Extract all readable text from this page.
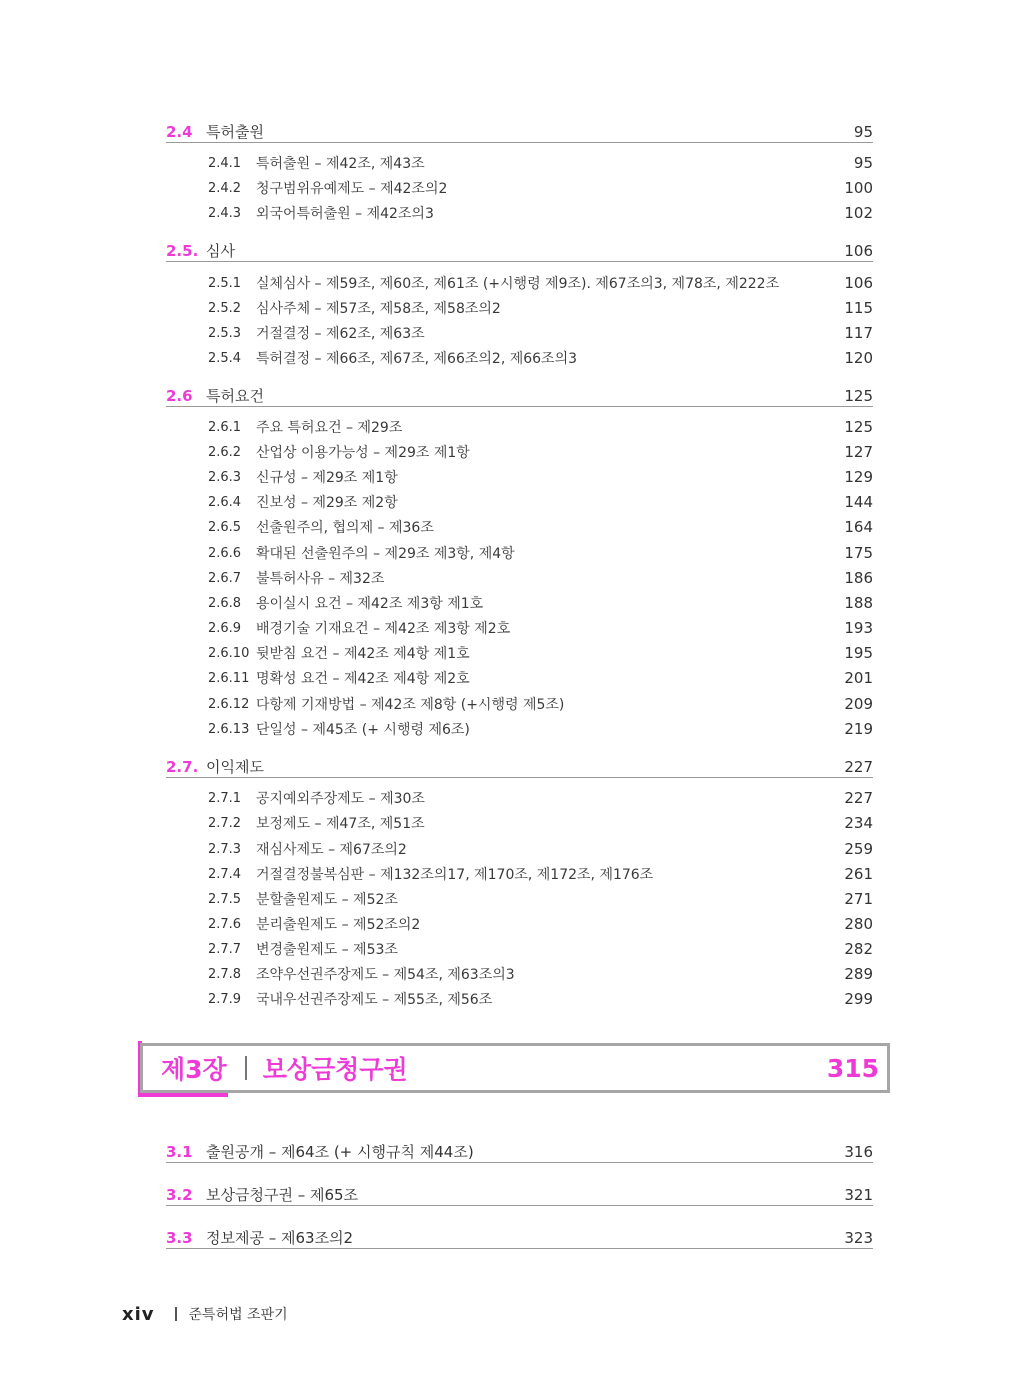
2.4 특허출원	95
2.4.1	특허출원 – 제42조, 제43조	95
2.4.2	청구범위유예제도 – 제42조의2	100
2.4.3	외국어특허출원 – 제42조의3	102
2.5. 심사	106
2.5.1	실체심사 – 제59조, 제60조, 제61조 (+시행령 제9조). 제67조의3, 제78조, 제222조	106
2.5.2	심사주체 – 제57조, 제58조, 제58조의2	115
2.5.3	거절결정 – 제62조, 제63조	117
2.5.4	특허결정 – 제66조, 제67조, 제66조의2, 제66조의3	120
2.6 특허요건	125
2.6.1	주요 특허요건 – 제29조	125
2.6.2	산업상 이용가능성 – 제29조 제1항	127
2.6.3	신규성 – 제29조 제1항	129
2.6.4	진보성 – 제29조 제2항	144
2.6.5	선출원주의, 협의제 – 제36조	164
2.6.6	확대된 선출원주의 – 제29조 제3항, 제4항	175
2.6.7	불특허사유 – 제32조	186
2.6.8	용이실시 요건 – 제42조 제3항 제1호	188
2.6.9	배경기술 기재요건 – 제42조 제3항 제2호	193
2.6.10 뒷받침 요건 – 제42조 제4항 제1호	195
2.6.11 명확성 요건 – 제42조 제4항 제2호	201
2.6.12 다항제 기재방법 – 제42조 제8항 (+시행령 제5조)	209
2.6.13 단일성 – 제45조 (+ 시행령 제6조)	219
2.7. 이익제도	227
2.7.1	공지예외주장제도 – 제30조	227
2.7.2	보정제도 – 제47조, 제51조	234
2.7.3	재심사제도 – 제67조의2	259
2.7.4	거절결정불복심판 – 제132조의17, 제170조, 제172조, 제176조	261
2.7.5	분할출원제도 – 제52조	271
2.7.6	분리출원제도 – 제52조의2	280
2.7.7	변경출원제도 – 제53조	282
2.7.8	조약우선권주장제도 – 제54조, 제63조의3	289
2.7.9	국내우선권주장제도 – 제55조, 제56조	299
제3장 보상금청구권	315
3.1 출원공개 – 제64조 (+ 시행규칙 제44조)	316
3.2 보상금청구권 – 제65조	321
3.3 정보제공 – 제63조의2	323
xiv 준특허법 조판기
